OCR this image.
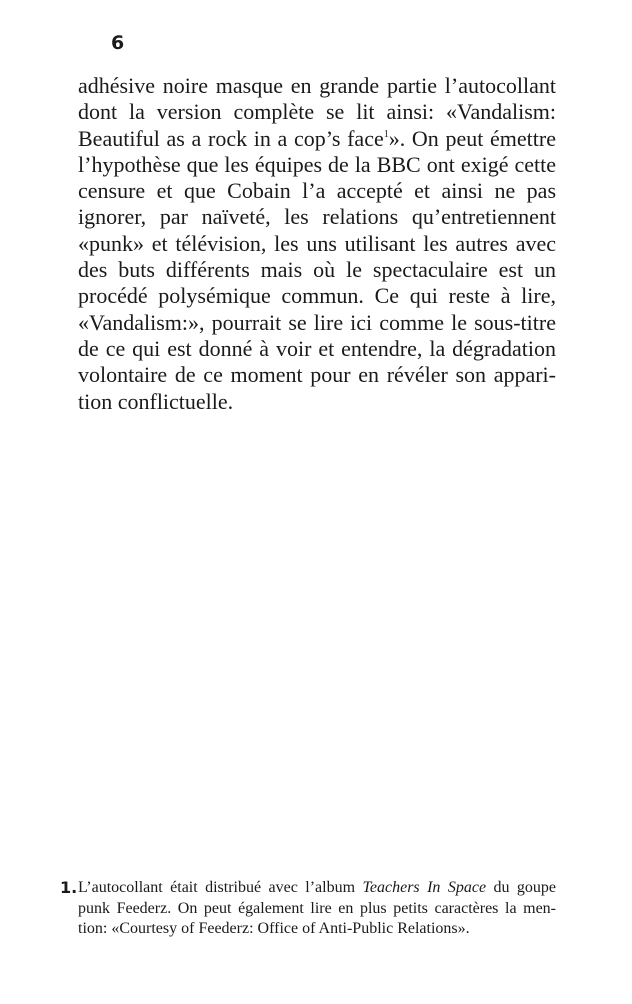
6
adhésive noire masque en grande partie l’autocollant
dont la version complète se lit ainsi: «Vandalism:
Beautiful as a rock in a cop’s face$^1$». On peut émettre
l’hypothèse que les équipes de la BBC ont exigé cette
censure et que Cobain l’a accepté et ainsi ne pas
ignorer, par naïveté, les relations qu’entretiennent
«punk» et télévision, les uns utilisant les autres avec
des buts différents mais où le spectaculaire est un
procédé polysémique commun. Ce qui reste à lire,
«Vandalism:», pourrait se lire ici comme le sous-titre
de ce qui est donné à voir et entendre, la dégradation
volontaire de ce moment pour en révéler son appari-
tion conflictuelle.
1. L’autocollant était distribué avec l’album Teachers In Space du goupe
punk Feederz. On peut également lire en plus petits caractères la men-
tion: «Courtesy of Feederz: Office of Anti-Public Relations».
